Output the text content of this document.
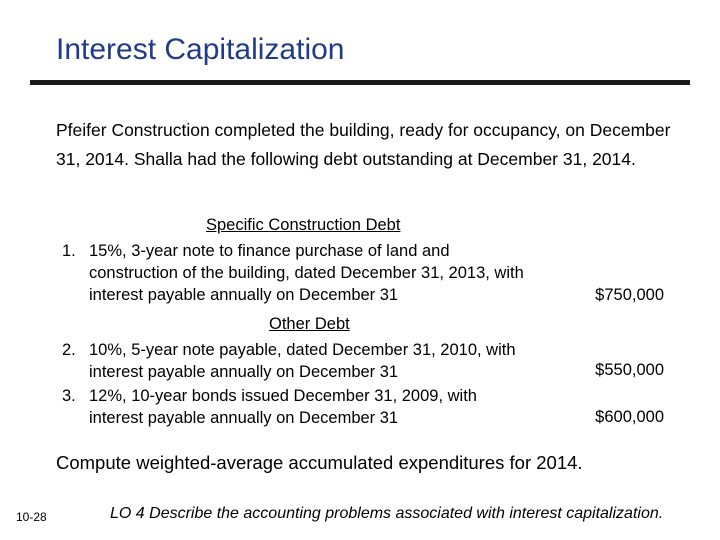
Interest Capitalization
Pfeifer Construction completed the building, ready for occupancy, on December 31, 2014. Shalla had the following debt outstanding at December 31, 2014.
Specific Construction Debt
1. 15%, 3-year note to finance purchase of land and
construction of the building, dated December 31, 2013, with
interest payable annually on December 31	$750,000
Other Debt
2. 10%, 5-year note payable, dated December 31, 2010, with
interest payable annually on December 31	$550,000
3. 12%, 10-year bonds issued December 31, 2009, with
interest payable annually on December 31	$600,000
Compute weighted-average accumulated expenditures for 2014.
10-28	LO 4 Describe the accounting problems associated with interest capitalization.
